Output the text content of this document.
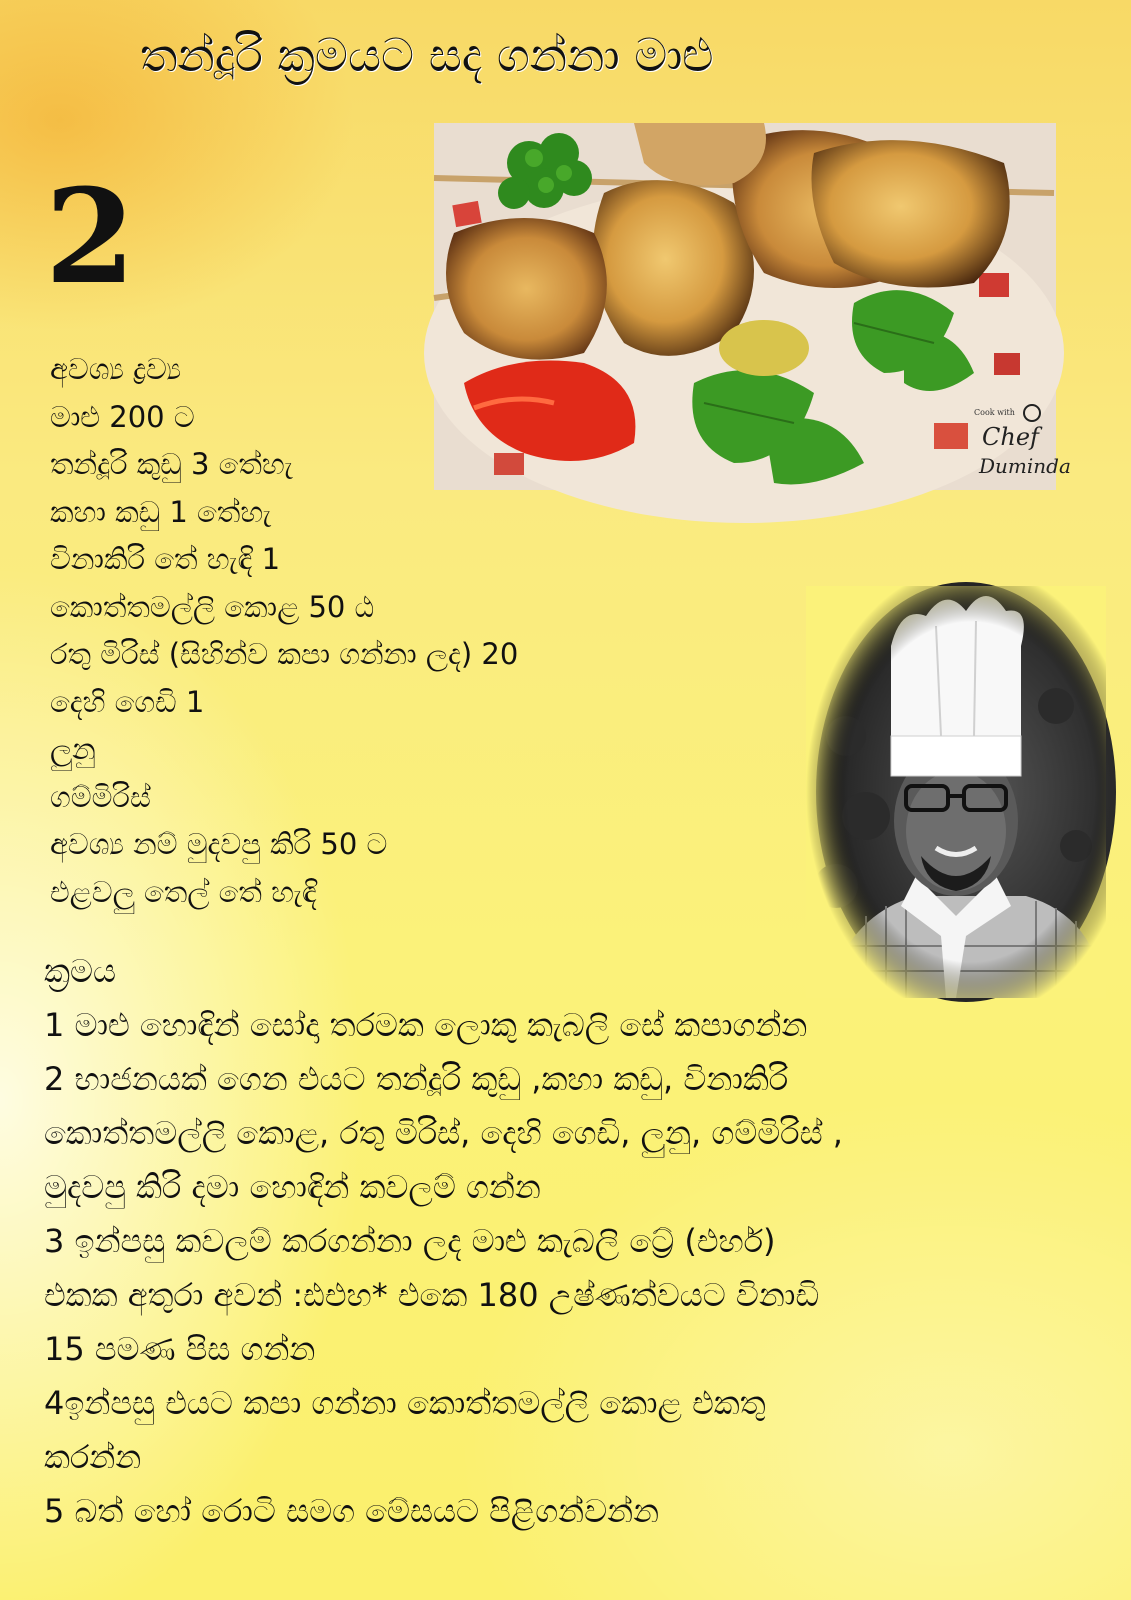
තන්දූරි ක්‍රමයට සද ගන්නා මාළු
2
Cook with
Chef
Duminda
අවශ්‍ය ද්‍රව්‍ය
මාළු 200 ට
තන්දූරි කුඩු 3 තේහැ
කහා කඩු 1 තේහැ
විනාකිරි තේ හැඳි 1
කොත්තමල්ලි කොළ 50 ඨ
රතු මිරිස් (සිහින්ව කපා ගන්නා ලද) 20
දෙහි ගෙඩි 1
ලුනු
ගම්මිරිස්
අවශ්‍ය නම් මුදවපු කිරි 50 ට
එළවලු තෙල් තේ හැඳි
ක්‍රමය
1 මාළු හොඳින් සෝදා තරමක ලොකු කැබලි සේ කපාගන්න
2 භාජනයක් ගෙන එයට තන්දූරි කුඩු ,කහා කඩු, විනාකිරි
කොත්තමල්ලි කොළ, රතු මිරිස්, දෙහි ගෙඩි, ලුනු, ගම්මිරිස් ,
මුදවපු කිරි දමා හොඳින් කවලම් ගන්න
3 ඉන්පසු කවලම් කරගන්නා ලද මාළු කැබලි ට්‍රේ (එර්හ)
එකක අතුරා අවන් :ඪඑහ* එකෙ 180 උෂ්ණත්වයට විනාඩි
15 පමණ පිස ගන්න
4ඉන්පසු එයට කපා ගන්නා කොත්තමල්ලි කොළ එකතු
කරන්න
5 බත් හෝ රොටි සමග මේසයට පිළිගන්වන්න
